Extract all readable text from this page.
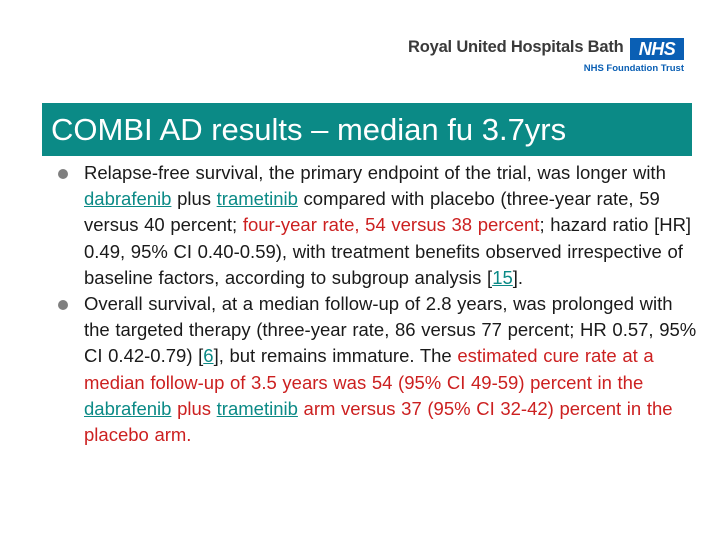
Royal United Hospitals Bath NHS
NHS Foundation Trust
COMBI AD results – median fu 3.7yrs
Relapse-free survival, the primary endpoint of the trial, was longer with dabrafenib plus trametinib compared with placebo (three-year rate, 59 versus 40 percent; four-year rate, 54 versus 38 percent; hazard ratio [HR] 0.49, 95% CI 0.40-0.59), with treatment benefits observed irrespective of baseline factors, according to subgroup analysis [15].
Overall survival, at a median follow-up of 2.8 years, was prolonged with the targeted therapy (three-year rate, 86 versus 77 percent; HR 0.57, 95% CI 0.42-0.79) [6], but remains immature. The estimated cure rate at a median follow-up of 3.5 years was 54 (95% CI 49-59) percent in the dabrafenib plus trametinib arm versus 37 (95% CI 32-42) percent in the placebo arm.
